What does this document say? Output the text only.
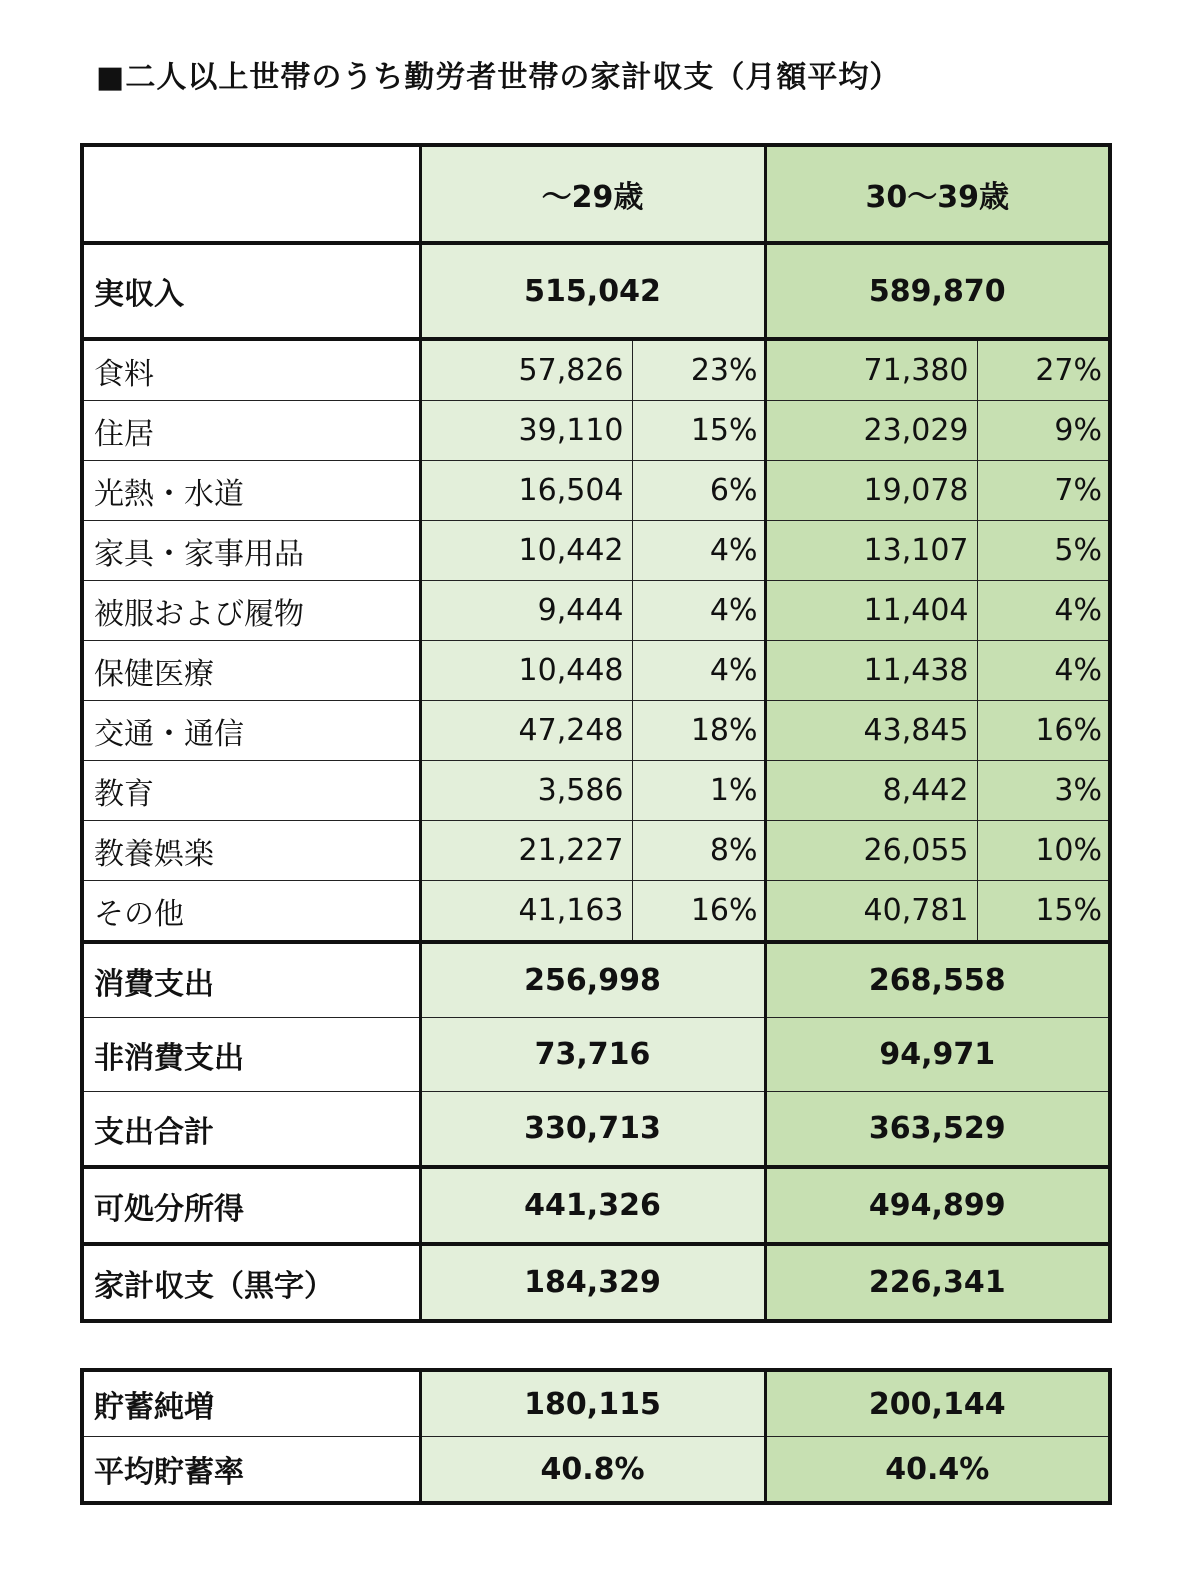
■二人以上世帯のうち勤労者世帯の家計収支（月額平均）
	～29歳		30～39歳	
実収入	515,042		589,870	
食料	57,826	23%	71,380	27%
住居	39,110	15%	23,029	9%
光熱・水道	16,504	6%	19,078	7%
家具・家事用品	10,442	4%	13,107	5%
被服および履物	9,444	4%	11,404	4%
保健医療	10,448	4%	11,438	4%
交通・通信	47,248	18%	43,845	16%
教育	3,586	1%	8,442	3%
教養娯楽	21,227	8%	26,055	10%
その他	41,163	16%	40,781	15%
消費支出	256,998		268,558	
非消費支出	73,716		94,971	
支出合計	330,713		363,529	
可処分所得	441,326		494,899	
家計収支（黒字）	184,329		226,341	
貯蓄純増	180,115	200,144
平均貯蓄率	40.8%	40.4%
